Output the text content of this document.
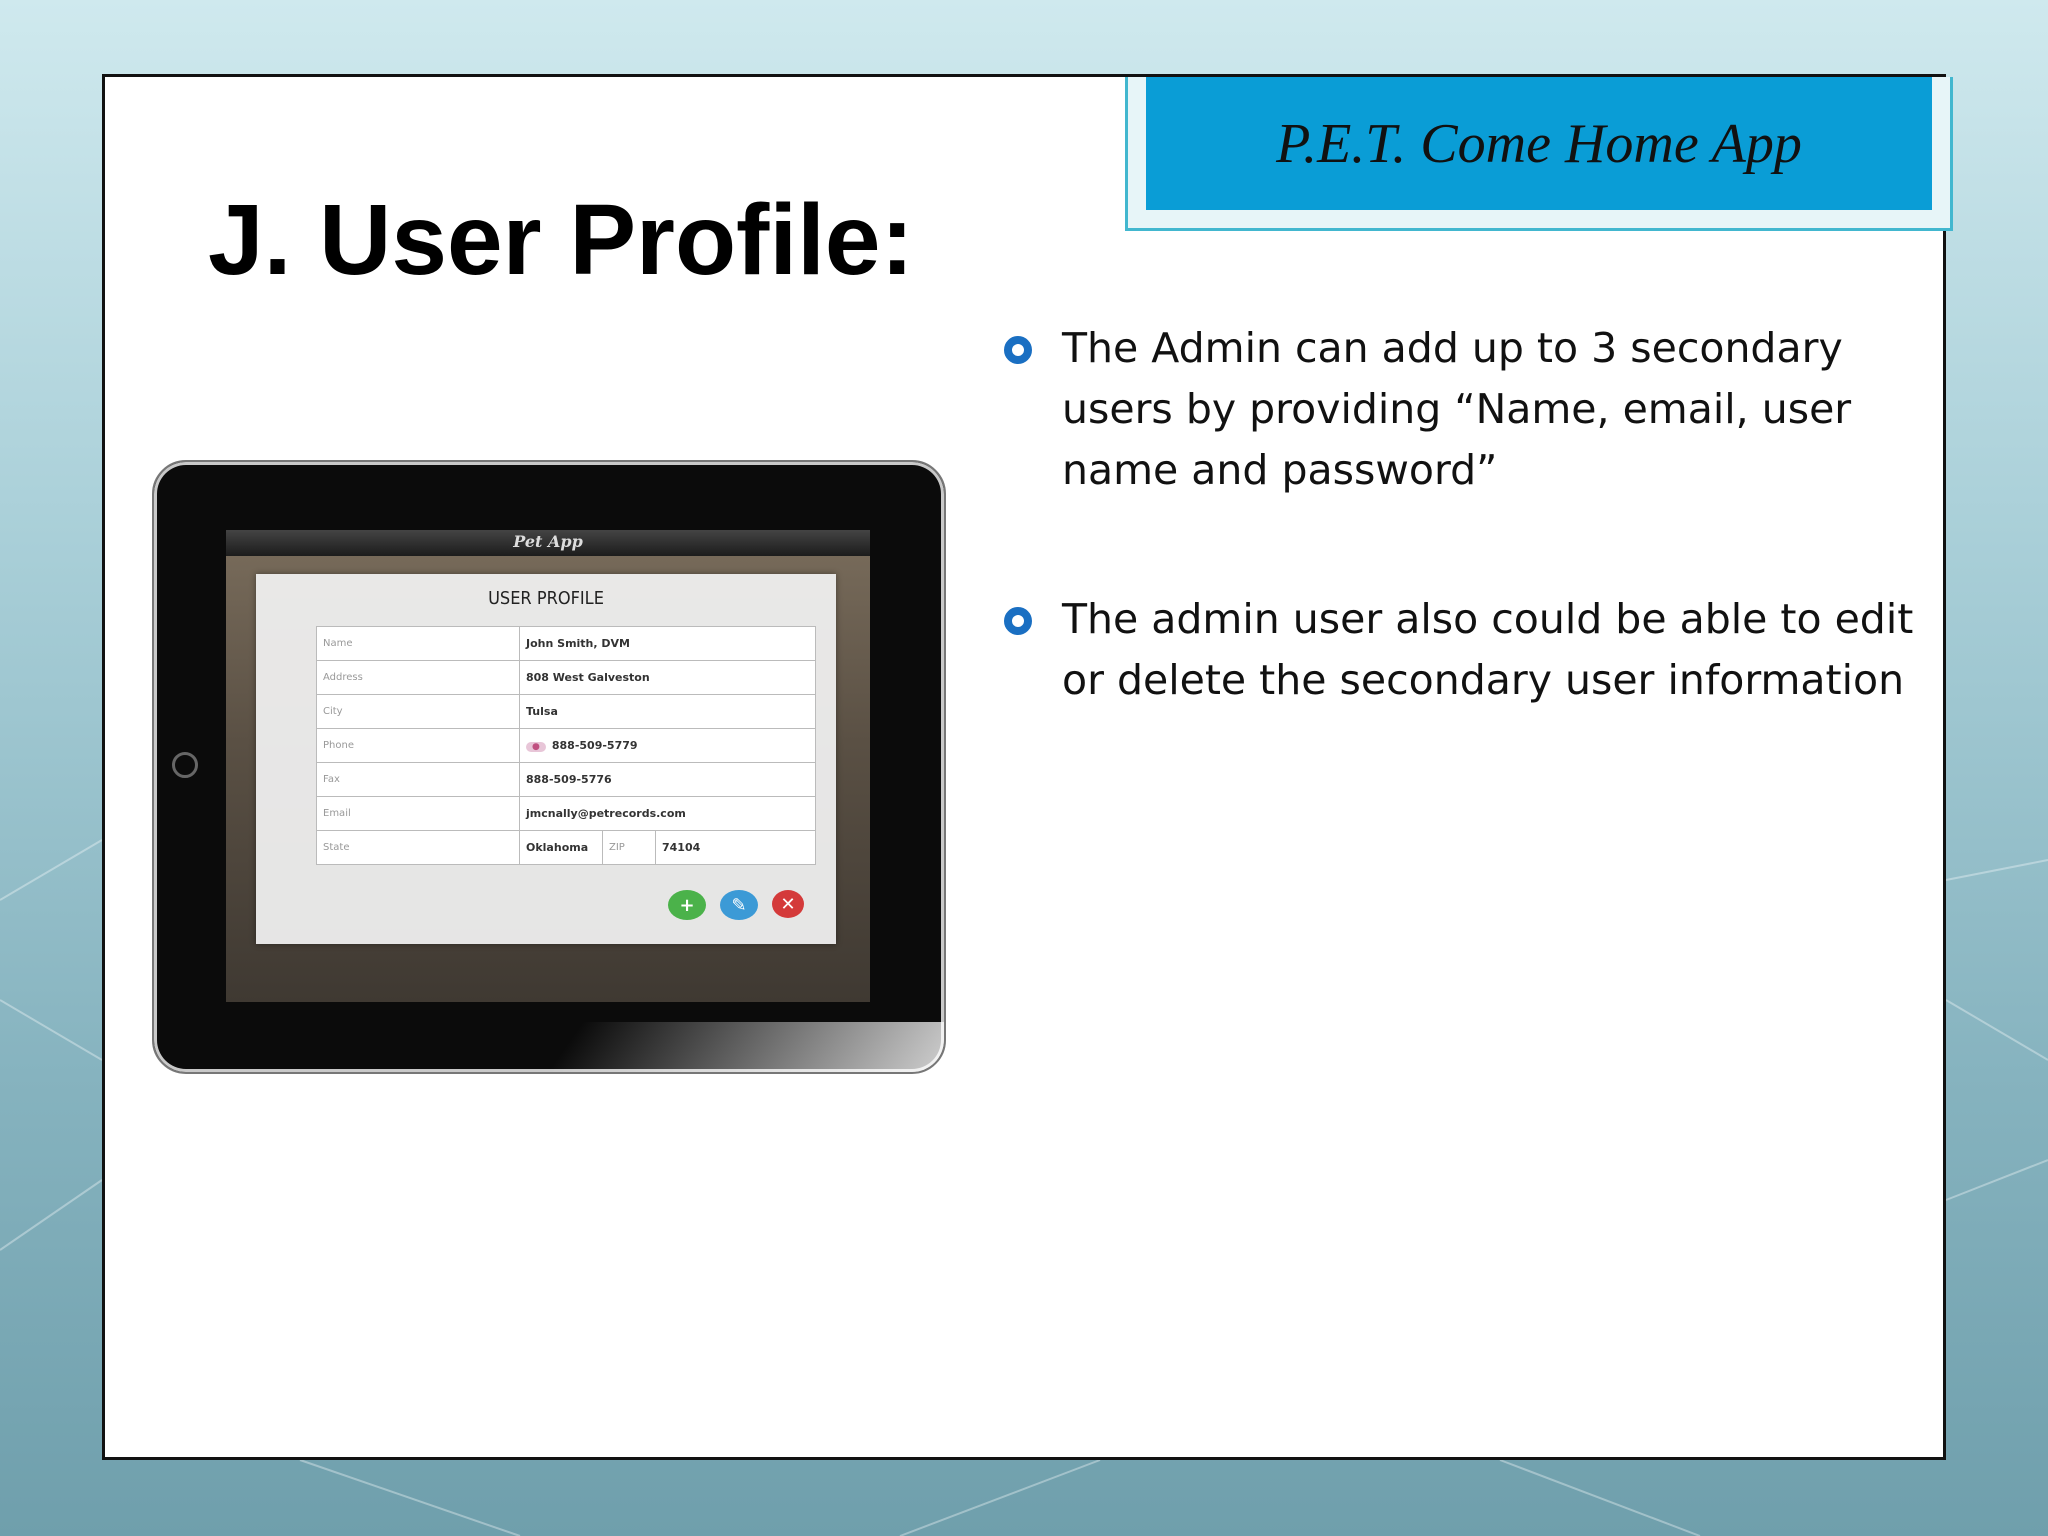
P.E.T. Come Home App
J. User Profile:
The Admin can add up to 3 secondary users by providing “Name, email, user name and password”
The admin user also could be able to edit or delete the secondary user information
Pet App
USER PROFILE
Name	John Smith, DVM		
Address	808 West Galveston		
City	Tulsa		
Phone	● 888-509-5779		
Fax	888-509-5776		
Email	jmcnally@petrecords.com		
State	Oklahoma	ZIP	74104
+	✎	✕
